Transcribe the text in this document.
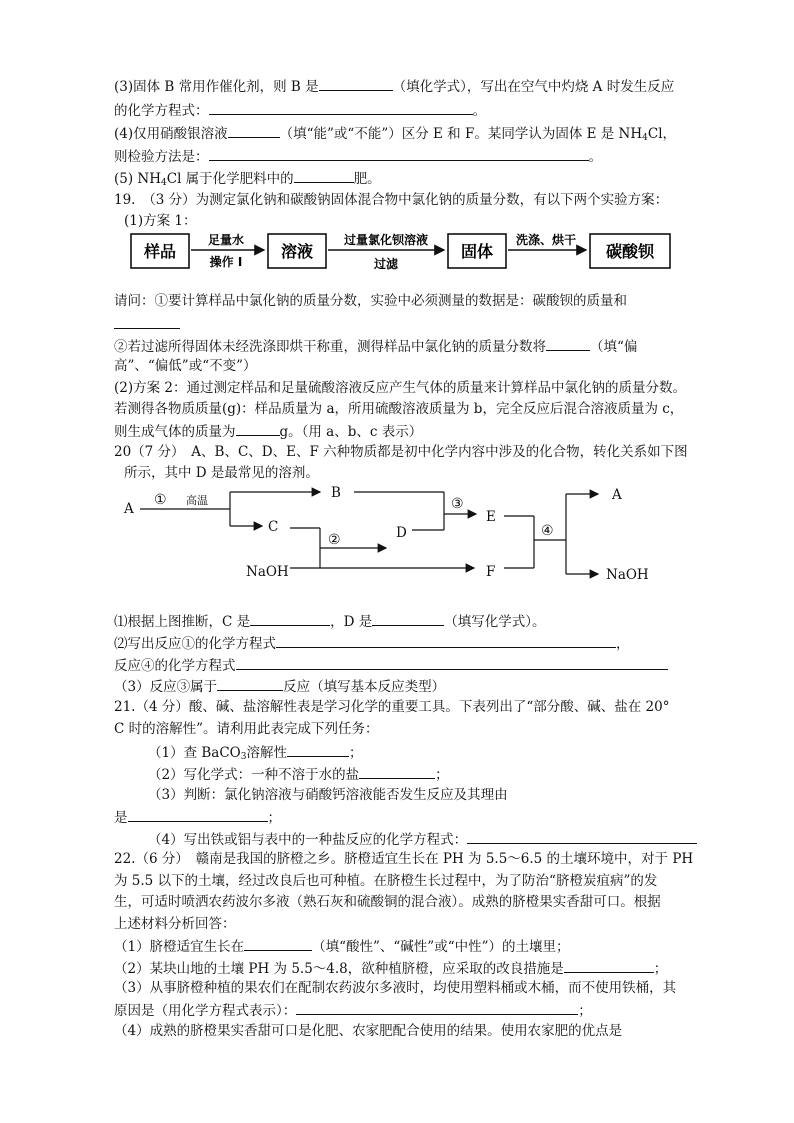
(3)固体 B 常用作催化剂，则 B 是	（填化学式），写出在空气中灼烧 A 时发生反应
的化学方程式：	。
(4)仅用硝酸银溶液	（填“能”或“不能”）区分 E 和 F。某同学认为固体 E 是 $NH_4Cl$，
则检验方法是：	。
(5) $NH_4Cl$ 属于化学肥料中的	肥。
19.　（3 分）为测定氯化钠和碳酸钠固体混合物中氯化钠的质量分数，有以下两个实验方案：
(1)方案 1：
样品	溶液	固体	碳酸钡
足量水
操作 I
过量氯化钡溶液
过滤
洗涤、烘干
请问：①要计算样品中氯化钠的质量分数，实验中必须测量的数据是：碳酸钡的质量和
②若过滤所得固体未经洗涤即烘干称重，测得样品中氯化钠的质量分数将	（填“偏
高”、“偏低”或“不变”）
(2)方案 2：通过测定样品和足量硫酸溶液反应产生气体的质量来计算样品中氯化钠的质量分数。
若测得各物质质量(g)：样品质量为 a，所用硫酸溶液质量为 b，完全反应后混合溶液质量为 c，
则生成气体的质量为	g。（用 a、b、c 表示）
20（7 分）　A、B、C、D、E、F 六种物质都是初中化学内容中涉及的化合物，转化关系如下图
所示，其中 D 是最常见的溶剂。
A
B
C	D
E
F
NaOH
A
NaOH
① 高温
②
③
④
⑴根据上图推断，C 是	，D 是	（填写化学式）。
⑵写出反应①的化学方程式	，
反应④的化学方程式
（3）反应③属于	反应（填写基本反应类型）
21.（4 分）酸、碱、盐溶解性表是学习化学的重要工具。下表列出了“部分酸、碱、盐在 20°
C 时的溶解性”。请利用此表完成下列任务：
（1）查 BaCO$_3$溶解性	；
（2）写化学式：一种不溶于水的盐	；
（3）判断：氯化钠溶液与硝酸钙溶液能否发生反应及其理由
是	；
（4）写出铁或铝与表中的一种盐反应的化学方程式：
22.（6 分）　赣南是我国的脐橙之乡。脐橙适宜生长在 PH 为 5.5～6.5 的土壤环境中，对于 PH
为 5.5 以下的土壤，经过改良后也可种植。在脐橙生长过程中，为了防治“脐橙炭疽病”的发
生，可适时喷洒农药波尔多液（熟石灰和硫酸铜的混合液）。成熟的脐橙果实香甜可口。根据
上述材料分析回答：
（1）脐橙适宜生长在	（填“酸性”、“碱性”或“中性”）的土壤里；
（2）某块山地的土壤 PH 为 5.5～4.8，欲种植脐橙，应采取的改良措施是	；
（3）从事脐橙种植的果农们在配制农药波尔多液时，均使用塑料桶或木桶，而不使用铁桶，其
原因是（用化学方程式表示）：	；
（4）成熟的脐橙果实香甜可口是化肥、农家肥配合使用的结果。使用农家肥的优点是
